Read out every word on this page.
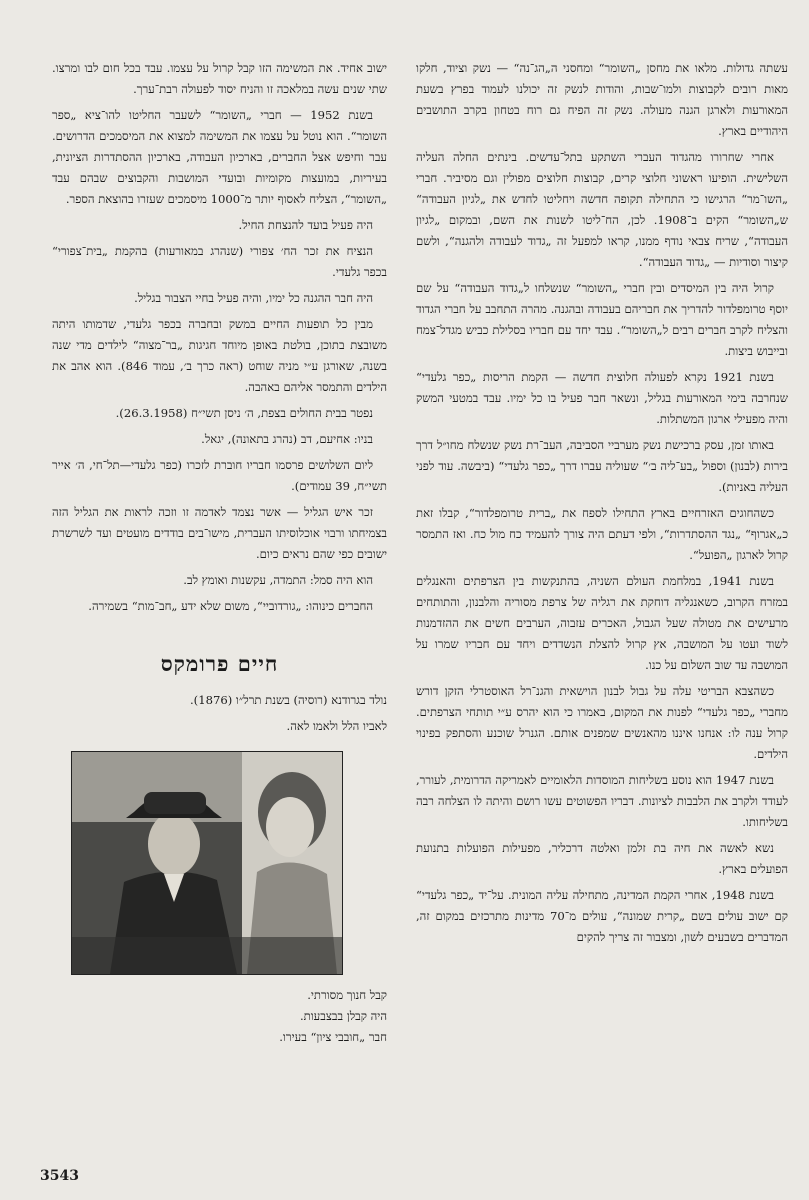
עשתה גדולות. מלאו את מחסן „השומר“ ומחסני ה„הג־נה“ — נשק וציוד, חלקו מאות רובים לקבוצות ולמו־שבות, והודות לנשק זה יכולנו לעמוד בפרץ בשעת המאורעות ולארגן הגנה מעולה. נשק זה הפיח גם רוח בטחון בקרב התושבים היהודיים בארץ.

אחרי שחרורו מהגדוד העברי השתקע בתל־עדשים. בינתים החלה העליה השלישית. הופיעו ראשוני חלוצי קרים, קבוצות חלוצים מפולין וגם מסיביר. חברי „השו־מר“ הרגישו כי התחילה תקופה חדשה ויחליטו לחדש את „לגיון העבודה“ ש„השומר“ הקים ב־1908. לכן, הח־ליטו לשנות את השם, ובמקום „לגיון העבודה“, שריח צבאי נודף ממנו, קראו למפעל זה „גדוד לעבודה ולהגנה“, ולשם קיצור וסודיות — „גדוד העבודה“.

קרול היה בין המיסדים ובין חברי „השומר“ שנשלחו ל„גדוד העבודה“ על שם יוסף טרומפלדור להדריך את חבריהם בעבודה ובהגנה. מהרה התחבב על חברי הגדוד והצליח לקרב חברים רבים ל„השומר“. עבד יחד עם חבריו בסלילת כביש מגדל־צמח ובייבוש ביצות.

בשנת 1921 נקרא לפעולה חלוצית חדשה — הקמת הריסות „כפר גלעדי“ שנחרבה בימי המאורעות בגליל, ונשאר חבר פעיל בו כל ימיו. עבד במטעי המשק והיה מפעילי ארגון המשתלות.

באותו זמן, עסק ברכישת נשק מערביי הסביבה, העב־רת נשק שנשלח מחו״ל דרך בירות (לבנון) וספול „בע־ליה ב׳“ שעוליה עברו דרך „כפר גלעדי“ (ביבשה. עוד לפני העליה באניות).

כשהחוגים האזרחיים בארץ התחילו לספח את „ברית טרומפלדור“, קבלו זאת כ„אגרוף“ „נגד ההסתדרות“, ולפי דעתם היה צורך להעמיד כח מול כח. ואז התמסר קרול לארגון „הפועל“.

בשנת 1941, במלחמת העולם השניה, בהתנקשות בין הצרפתים והאנגלים במזרח הקרוב, כשאנגליה דוחקת את רגליה של צרפת מסוריה והלבנון, והתותחים מרעישים את מטולה שעל הגבול, האכרים עזבוה, הערבים חשים את ההזדמנות לשוד ועטו על המושבה, אץ קרול להצלת הנשדדים ויחד עם חבריו שמרו על המושבה עד שוב השלום על כנו.

כשהצבא הבריטי עלה על גבול לבנון הוישאית והגנ־רל האוסטרלי הזקן דורש מחברי „כפר גלעדי“ לפנות את המקום, באמרו כי הוא יהרס ע״י תותחי הצרפתים. קרול ענה לו: אנחנו איננו מהאנשים שמפנים אותם. הגנרל שוכנע והסתפק בפינוי הילדים.

בשנת 1947 הוא נוסע בשליחות המוסדות הלאומיים לאמריקה הדרומית, לעורר, לעודד ולקרב את הלבבות לציונות. דבריו הפשוטים עשו רושם והיתה לו הצלחה רבה בשליחותו.

נשא לאשה את חיה בת זלמן ואלטה דרכליר, מפעילות הפועלות בתנועת הפועלים בארץ.

בשנת 1948, אחרי הקמת המדינה, מתחילה עליה המונית. על־יד „כפר גלעדי“ קם ישוב עולים בשם „קרית שמונה“, עולים מ־70 מדינות מתרכזים במקום זה, המדברים בשבעים לשון, ומצבור זה צריך להקים

ישוב אחיד. את המשימה הזו קבל קרול על עצמו. עבד בכל חום לבו ומרצו. שתי שנים עשה במלאכה זו והניח יסוד לפעולה רבת־ערך.

בשנת 1952 — חברי „השומר“ לשעבר החליטו להו־ציא „ספר השומר“. הוא נוטל על עצמו את המשימה למצוא את המיסמכים הדרושים. עבר וחיפש אצל החברים, בארכיון העבודה, בארכיון ההסתדרות הציונית, בעיריות, במועצות מקומיות ובועדי המושבות והקבוצים שבהם עבד „השומר“, הצליח לאסוף יותר מ־1000 מיסמכים שעזרו בהוצאת הספר.

היה פעיל בועד להנצחת החיל.

הנציח את זכר הח׳ צפורי (שנהרג במאורעות) בהקמת „בית־צפורי“ בכפר גלעדי.

היה חבר ההגנה כל ימיו, והיה פעיל בחיי הצבור בגליל.

מבין כל תופעות החיים במשק ובחברה בכפר גלעדי, שדמותו היתה משובצת בתוכן, בולטת באופן מיוחד חגיגות „בר־מצוה“ לילדים מדי שנה בשנה, שאורגן ע״י מניה שוחט (ראה כרך ב׳, עמוד 846). הוא אהב את הילדים והתמסר אליהם באהבה.

נפטר בבית החולים בצפת, ה׳ ניסן תשי״ח (26.3.1958).

בניו: אחיעם, דב (נהרג בתאונה), יגאל.

ליום השלושים פרסמו חבריו חוברת לזכרו (כפר גלעדי—תל־חי, ה׳ אייר תשי״ח, 39 עמודים).

זכר איש הגליל — אשר נצמד לאדמה זו וזכה לראות את הגליל הזה בצמיחתו ורבוי אוכלוסיתו העברית, מישו־בים בודדים מועטים ועד לשרשרת ישובים כפי שהם נראים כיום.

הוא היה סמל: התמדה, עקשנות ואומץ לב.

החברים כינוהו: „גורדוביי“, משום שלא ידע „חב־מות“ בשמירה.

חיים פרומקס

נולד בגרודנא (רוסיה) בשנת תרל״ו (1876).

לאביו הלל ולאמו לאה.

קבל חנוך מסורתי.

היה קבלן בבצבעות.

חבר „חובבי ציון“ בעירו.

3543
